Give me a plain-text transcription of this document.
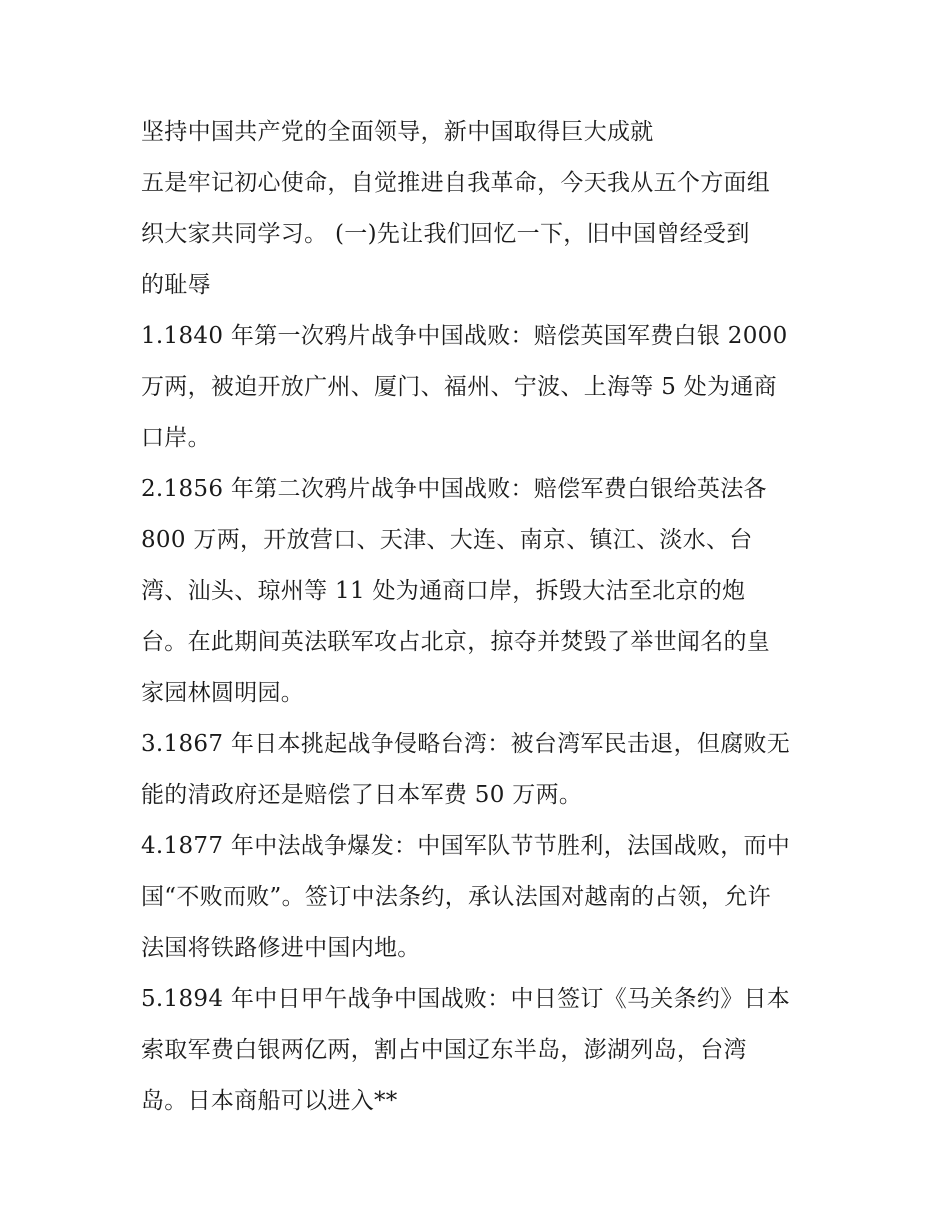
坚持中国共产党的全面领导，新中国取得巨大成就
五是牢记初心使命，自觉推进自我革命，今天我从五个方面组
织大家共同学习。 (一)先让我们回忆一下，旧中国曾经受到
的耻辱
1.1840 年第一次鸦片战争中国战败：赔偿英国军费白银 2000
万两，被迫开放广州、厦门、福州、宁波、上海等 5 处为通商
口岸。
2.1856 年第二次鸦片战争中国战败：赔偿军费白银给英法各
800 万两，开放营口、天津、大连、南京、镇江、淡水、台
湾、汕头、琼州等 11 处为通商口岸，拆毁大沽至北京的炮
台。在此期间英法联军攻占北京，掠夺并焚毁了举世闻名的皇
家园林圆明园。
3.1867 年日本挑起战争侵略台湾：被台湾军民击退，但腐败无
能的清政府还是赔偿了日本军费 50 万两。
4.1877 年中法战争爆发：中国军队节节胜利，法国战败，而中
国“不败而败”。签订中法条约，承认法国对越南的占领，允许
法国将铁路修进中国内地。
5.1894 年中日甲午战争中国战败：中日签订《马关条约》日本
索取军费白银两亿两，割占中国辽东半岛，澎湖列岛，台湾
岛。日本商船可以进入**
